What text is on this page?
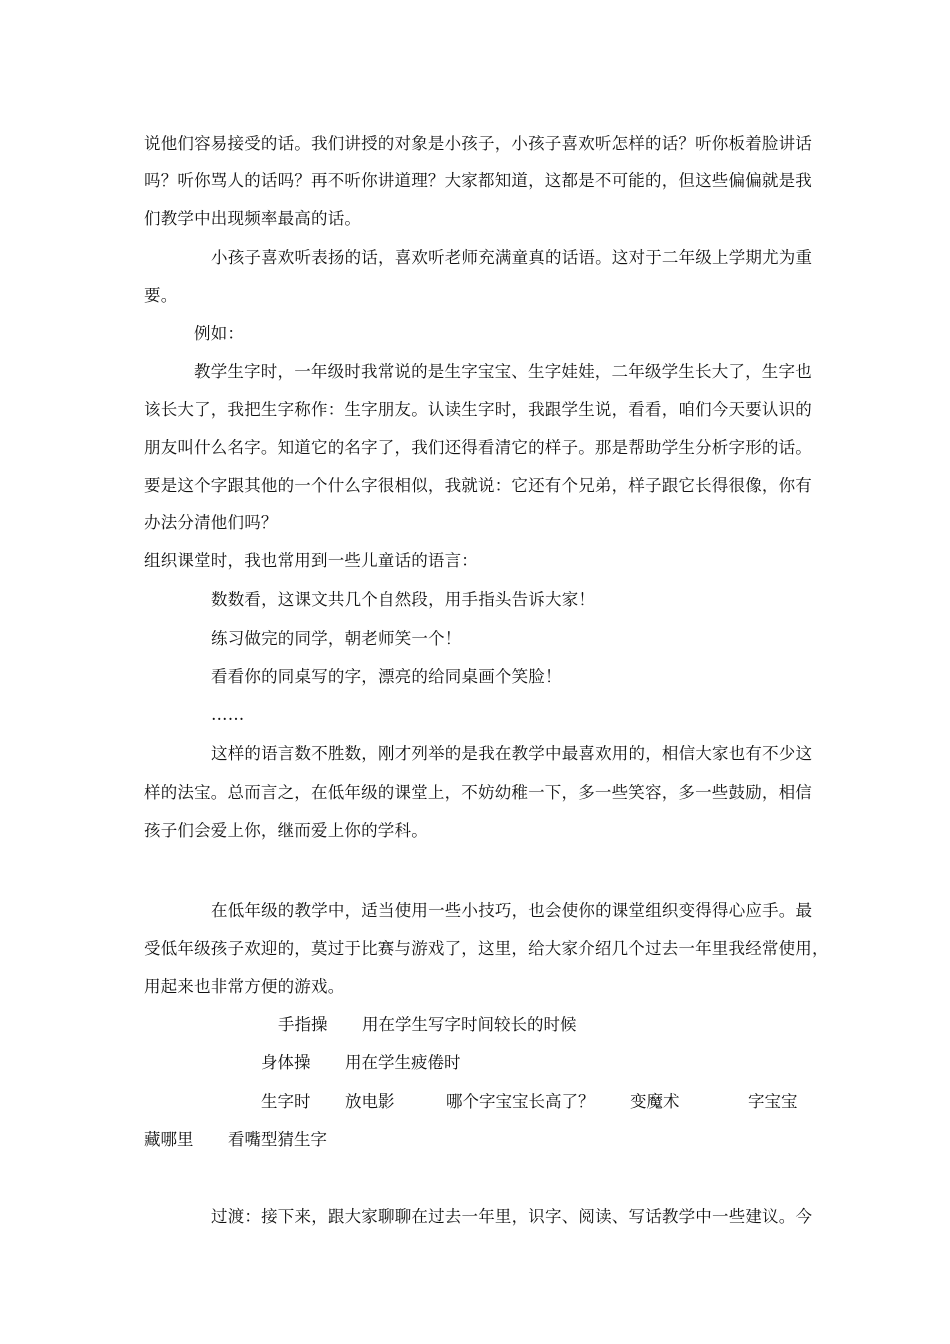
说他们容易接受的话。我们讲授的对象是小孩子，小孩子喜欢听怎样的话？听你板着脸讲话
吗？听你骂人的话吗？再不听你讲道理？大家都知道，这都是不可能的，但这些偏偏就是我
们教学中出现频率最高的话。
小孩子喜欢听表扬的话，喜欢听老师充满童真的话语。这对于二年级上学期尤为重
要。
例如：
教学生字时，一年级时我常说的是生字宝宝、生字娃娃，二年级学生长大了，生字也
该长大了，我把生字称作：生字朋友。认读生字时，我跟学生说，看看，咱们今天要认识的
朋友叫什么名字。知道它的名字了，我们还得看清它的样子。那是帮助学生分析字形的话。
要是这个字跟其他的一个什么字很相似，我就说：它还有个兄弟，样子跟它长得很像，你有
办法分清他们吗？
组织课堂时，我也常用到一些儿童话的语言：
数数看，这课文共几个自然段，用手指头告诉大家！
练习做完的同学，朝老师笑一个！
看看你的同桌写的字，漂亮的给同桌画个笑脸！
……
这样的语言数不胜数，刚才列举的是我在教学中最喜欢用的，相信大家也有不少这
样的法宝。总而言之，在低年级的课堂上，不妨幼稚一下，多一些笑容，多一些鼓励，相信
孩子们会爱上你，继而爱上你的学科。
在低年级的教学中，适当使用一些小技巧，也会使你的课堂组织变得得心应手。最
受低年级孩子欢迎的，莫过于比赛与游戏了，这里，给大家介绍几个过去一年里我经常使用，
用起来也非常方便的游戏。
手指操 用在学生写字时间较长的时候
身体操 用在学生疲倦时
生字时 放电影	哪个字宝宝长高了？ 变魔术	字宝宝
藏哪里 看嘴型猜生字
过渡：接下来，跟大家聊聊在过去一年里，识字、阅读、写话教学中一些建议。今
